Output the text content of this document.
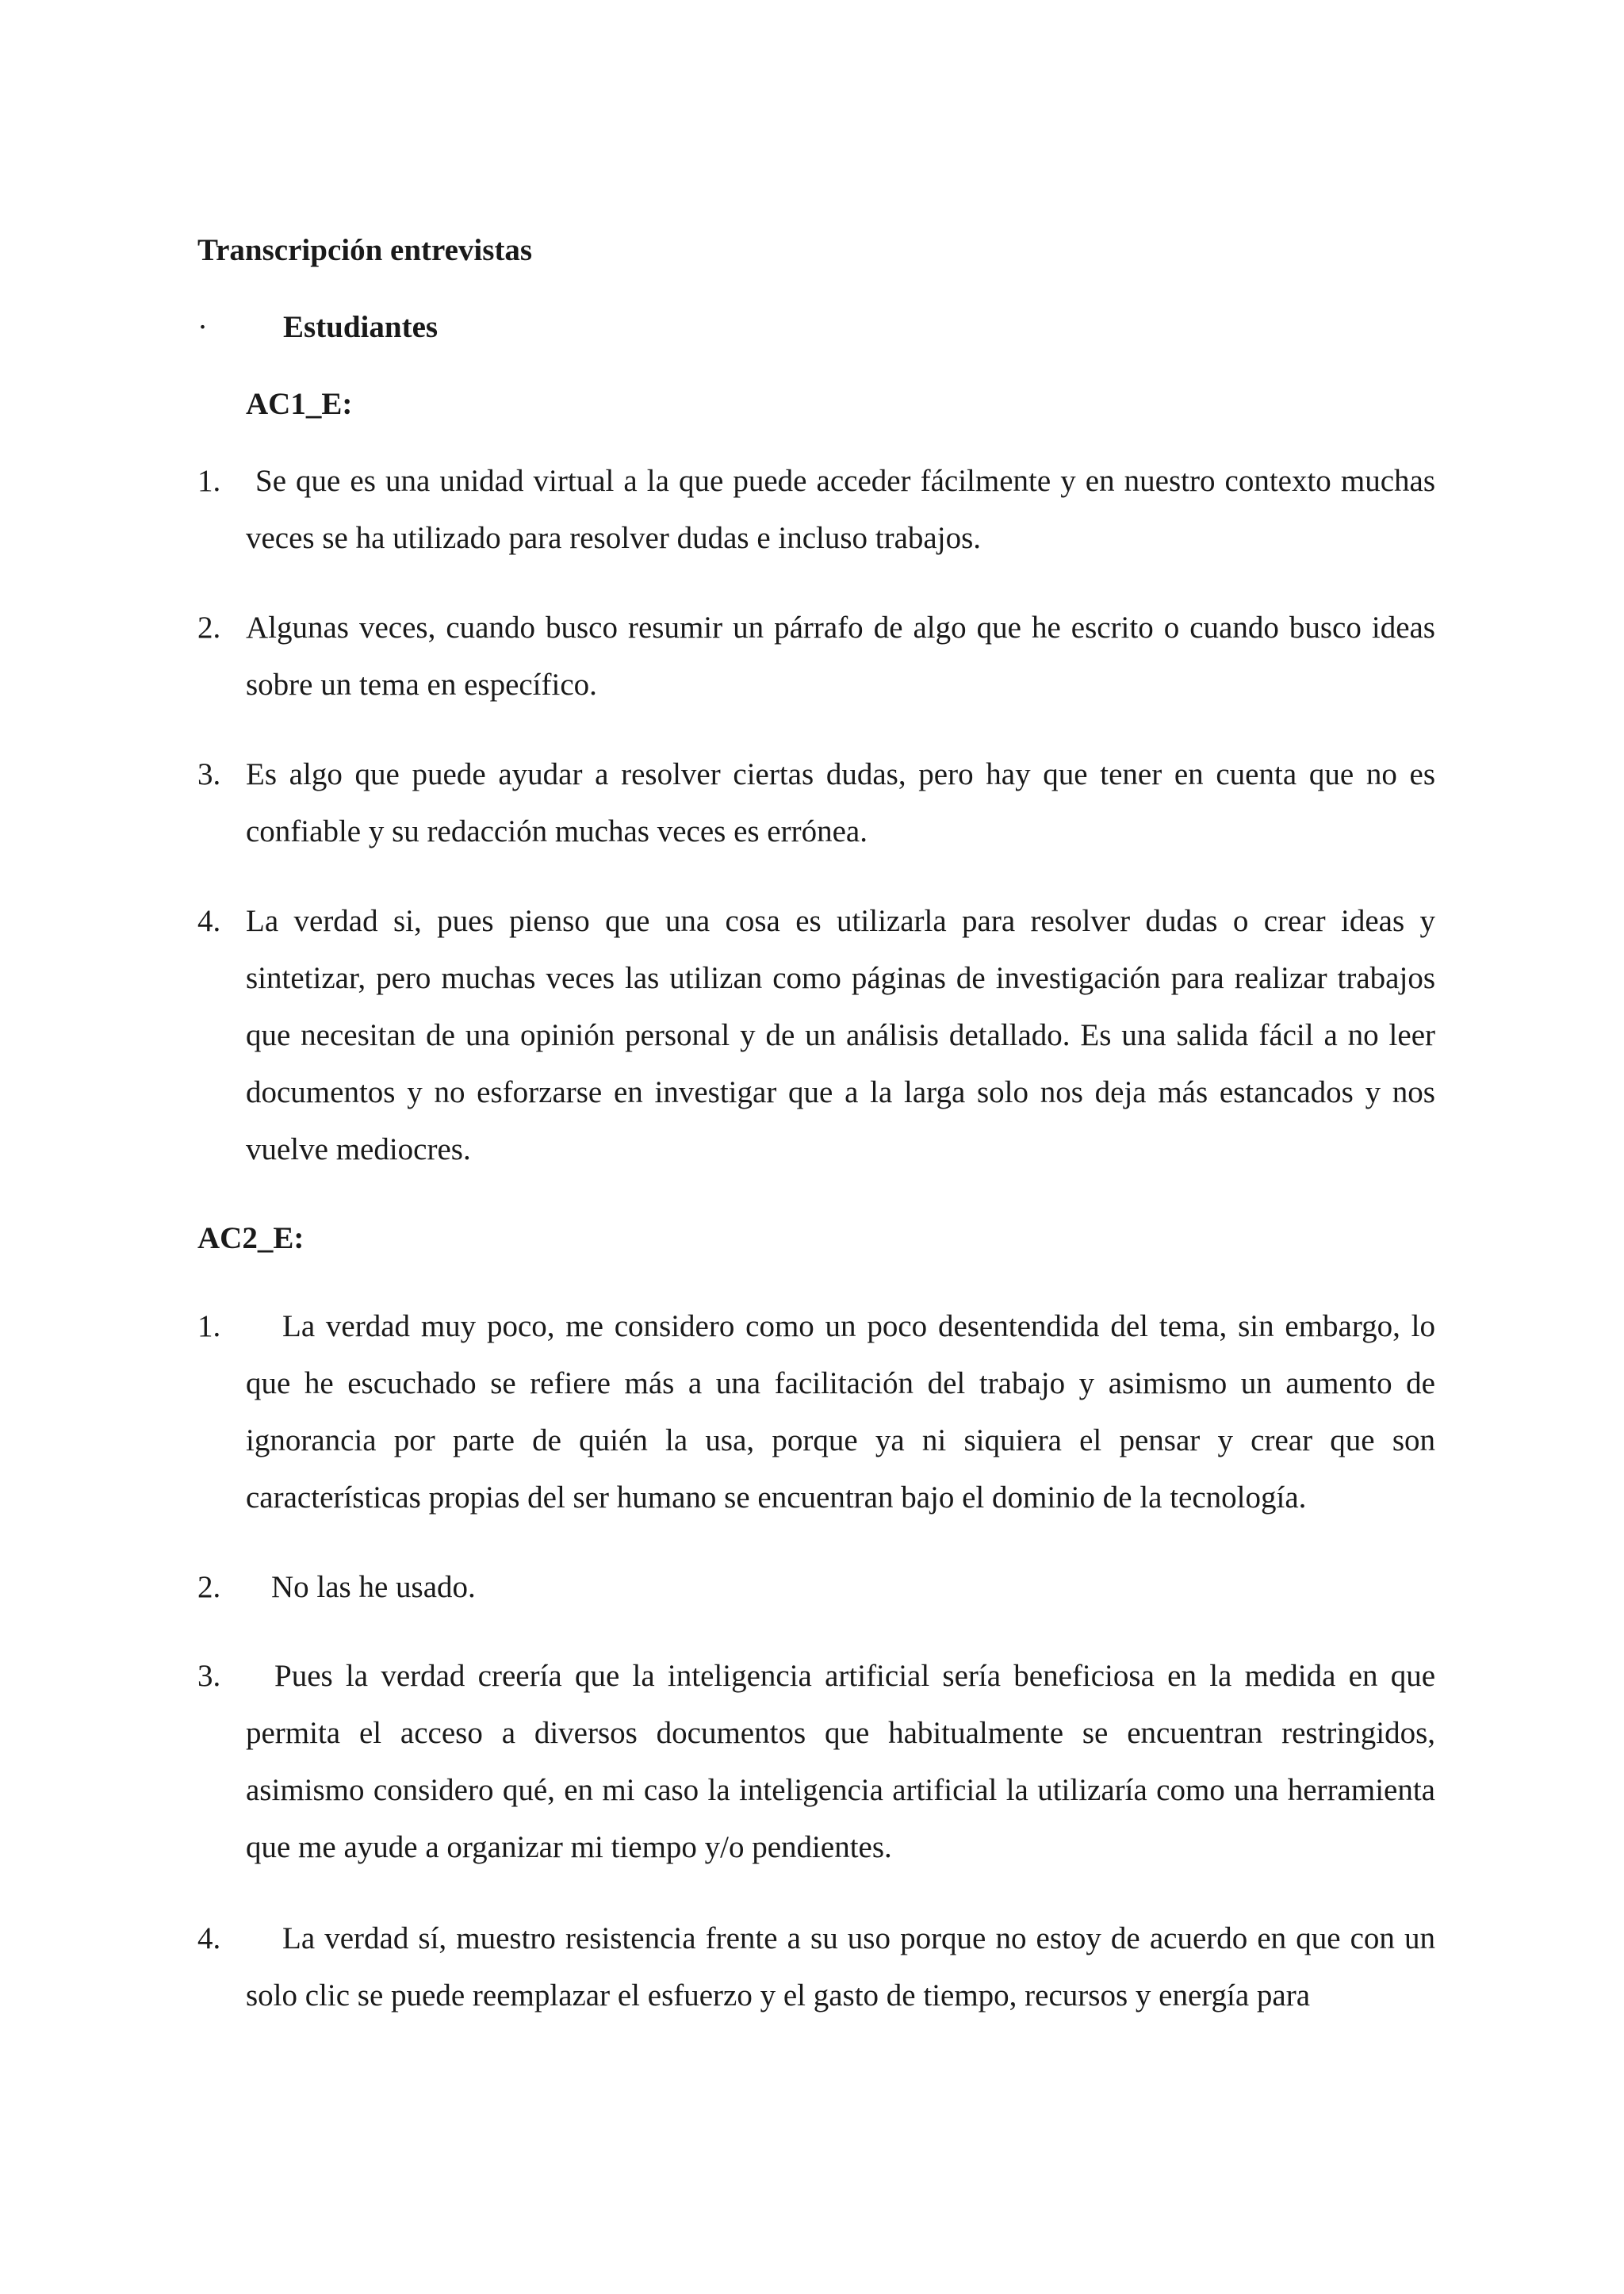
Transcripción entrevistas
· Estudiantes
AC1_E:
1.	Se que es una unidad virtual a la que puede acceder fácilmente y en nuestro contexto muchas veces se ha utilizado para resolver dudas e incluso trabajos.

2. Algunas veces, cuando busco resumir un párrafo de algo que he escrito o cuando busco ideas sobre un tema en específico.

3. Es algo que puede ayudar a resolver ciertas dudas, pero hay que tener en cuenta que no es confiable y su redacción muchas veces es errónea.

4. La verdad si, pues pienso que una cosa es utilizarla para resolver dudas o crear ideas y sintetizar, pero muchas veces las utilizan como páginas de investigación para realizar trabajos que necesitan de una opinión personal y de un análisis detallado. Es una salida fácil a no leer documentos y no esforzarse en investigar que a la larga solo nos deja más estancados y nos vuelve mediocres.

AC2_E:
1.	La verdad muy poco, me considero como un poco desentendida del tema, sin embargo, lo que he escuchado se refiere más a una facilitación del trabajo y asimismo un aumento de ignorancia por parte de quién la usa, porque ya ni siquiera el pensar y crear que son características propias del ser humano se encuentran bajo el dominio de la tecnología.

2.	No las he usado.

3.	Pues la verdad creería que la inteligencia artificial sería beneficiosa en la medida en que permita el acceso a diversos documentos que habitualmente se encuentran restringidos, asimismo considero qué, en mi caso la inteligencia artificial la utilizaría como una herramienta que me ayude a organizar mi tiempo y/o pendientes.

4.	La verdad sí, muestro resistencia frente a su uso porque no estoy de acuerdo en que con un solo clic se puede reemplazar el esfuerzo y el gasto de tiempo, recursos y energía para
